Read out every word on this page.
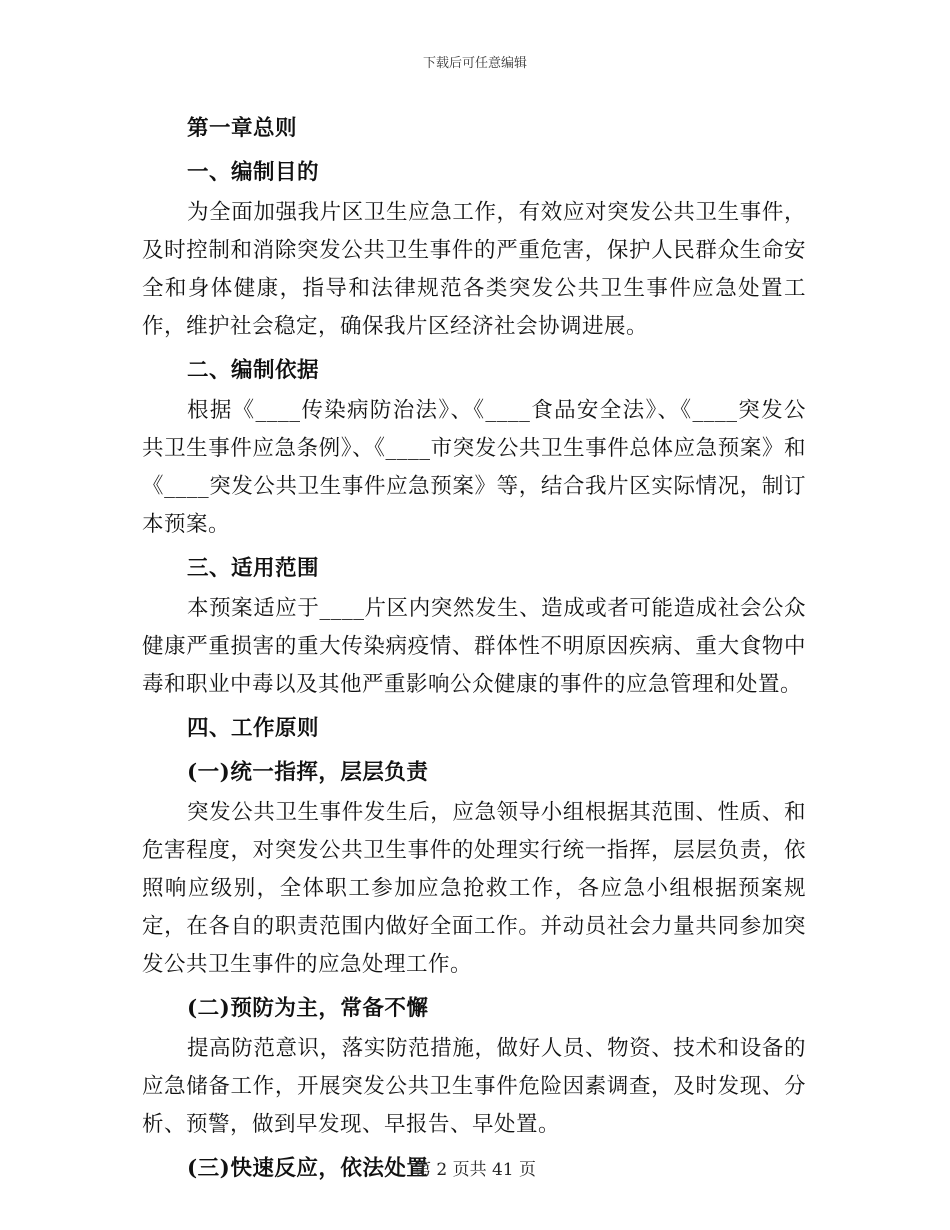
下载后可任意编辑

第一章总则

一、编制目的

为全面加强我片区卫生应急工作，有效应对突发公共卫生事件，及时控制和消除突发公共卫生事件的严重危害，保护人民群众生命安全和身体健康，指导和法律规范各类突发公共卫生事件应急处置工作，维护社会稳定，确保我片区经济社会协调进展。

二、编制依据

根据《____传染病防治法》、《____食品安全法》、《____突发公共卫生事件应急条例》、《____市突发公共卫生事件总体应急预案》和《____突发公共卫生事件应急预案》等，结合我片区实际情况，制订本预案。

三、适用范围

本预案适应于____片区内突然发生、造成或者可能造成社会公众健康严重损害的重大传染病疫情、群体性不明原因疾病、重大食物中毒和职业中毒以及其他严重影响公众健康的事件的应急管理和处置。

四、工作原则

(一)统一指挥，层层负责

突发公共卫生事件发生后，应急领导小组根据其范围、性质、和危害程度，对突发公共卫生事件的处理实行统一指挥，层层负责，依照响应级别，全体职工参加应急抢救工作，各应急小组根据预案规定，在各自的职责范围内做好全面工作。并动员社会力量共同参加突发公共卫生事件的应急处理工作。

(二)预防为主，常备不懈

提高防范意识，落实防范措施，做好人员、物资、技术和设备的应急储备工作，开展突发公共卫生事件危险因素调查，及时发现、分析、预警，做到早发现、早报告、早处置。

(三)快速反应，依法处置

第 2 页共 41 页
